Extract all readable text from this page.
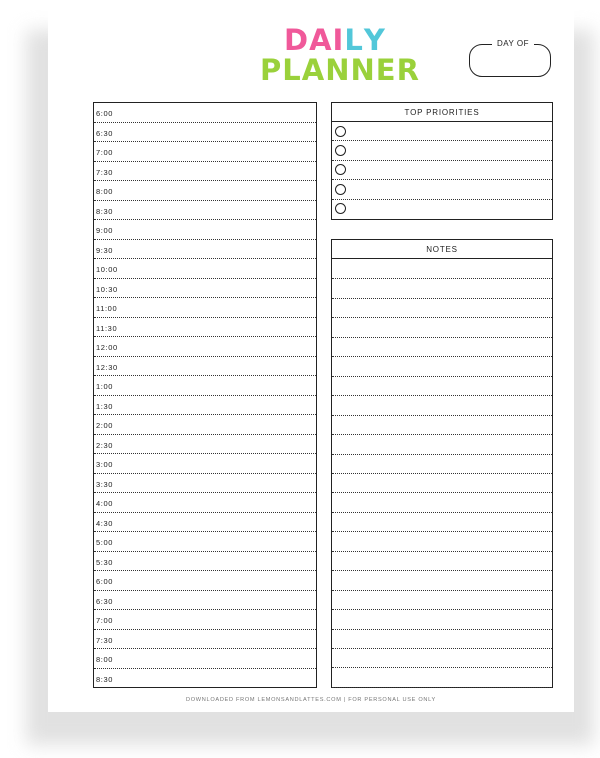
DAILY
PLANNER
DAY OF
6:00
6:30
7:00
7:30
8:00
8:30
9:00
9:30
10:00
10:30
11:00
11:30
12:00
12:30
1:00
1:30
2:00
2:30
3:00
3:30
4:00
4:30
5:00
5:30
6:00
6:30
7:00
7:30
8:00
8:30
TOP PRIORITIES
NOTES
DOWNLOADED FROM LEMONSANDLATTES.COM | FOR PERSONAL USE ONLY
